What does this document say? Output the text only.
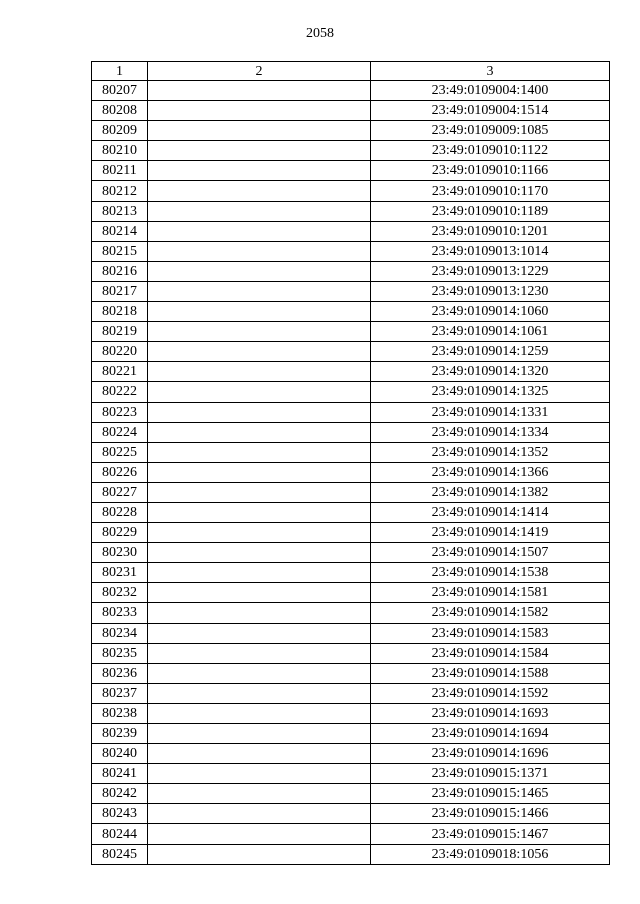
2058
1	2	3
80207		23:49:0109004:1400
80208		23:49:0109004:1514
80209		23:49:0109009:1085
80210		23:49:0109010:1122
80211		23:49:0109010:1166
80212		23:49:0109010:1170
80213		23:49:0109010:1189
80214		23:49:0109010:1201
80215		23:49:0109013:1014
80216		23:49:0109013:1229
80217		23:49:0109013:1230
80218		23:49:0109014:1060
80219		23:49:0109014:1061
80220		23:49:0109014:1259
80221		23:49:0109014:1320
80222		23:49:0109014:1325
80223		23:49:0109014:1331
80224		23:49:0109014:1334
80225		23:49:0109014:1352
80226		23:49:0109014:1366
80227		23:49:0109014:1382
80228		23:49:0109014:1414
80229		23:49:0109014:1419
80230		23:49:0109014:1507
80231		23:49:0109014:1538
80232		23:49:0109014:1581
80233		23:49:0109014:1582
80234		23:49:0109014:1583
80235		23:49:0109014:1584
80236		23:49:0109014:1588
80237		23:49:0109014:1592
80238		23:49:0109014:1693
80239		23:49:0109014:1694
80240		23:49:0109014:1696
80241		23:49:0109015:1371
80242		23:49:0109015:1465
80243		23:49:0109015:1466
80244		23:49:0109015:1467
80245		23:49:0109018:1056
